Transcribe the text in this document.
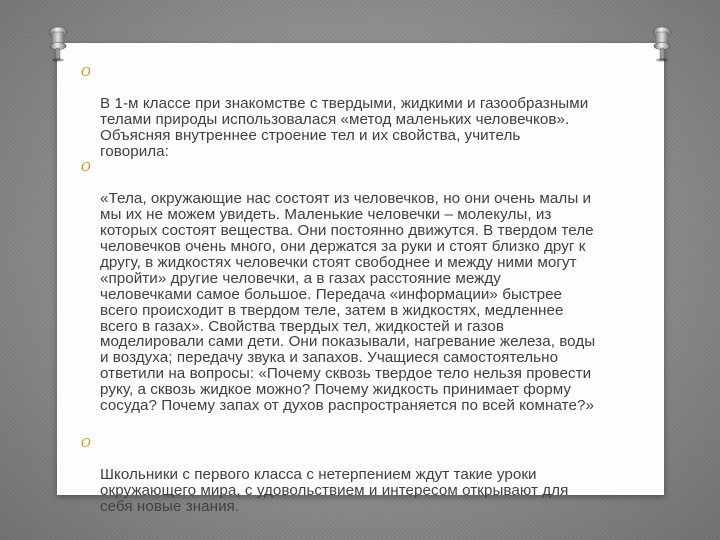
O

В 1-м классе при знакомстве с твердыми, жидкими и газообразными
телами природы использовалася «метод маленьких человечков».
Объясняя внутреннее строение тел и их свойства, учитель
говорила:

O

«Тела, окружающие нас состоят из человечков, но они очень малы и
мы их не можем увидеть. Маленькие человечки – молекулы, из
которых состоят вещества. Они постоянно движутся. В твердом теле
человечков очень много, они держатся за руки и стоят близко друг к
другу, в жидкостях человечки стоят свободнее и между ними могут
«пройти» другие человечки, а в газах расстояние между
человечками самое большое. Передача «информации» быстрее
всего происходит в твердом теле, затем в жидкостях, медленнее
всего в газах». Свойства твердых тел, жидкостей и газов
моделировали сами дети. Они показывали, нагревание железа, воды
и воздуха; передачу звука и запахов. Учащиеся самостоятельно
ответили на вопросы: «Почему сквозь твердое тело нельзя провести
руку, а сквозь жидкое можно? Почему жидкость принимает форму
сосуда? Почему запах от духов распространяется по всей комнате?»

O

Школьники с первого класса с нетерпением ждут такие уроки
окружающего мира, с удовольствием и интересом открывают для
себя новые знания.
